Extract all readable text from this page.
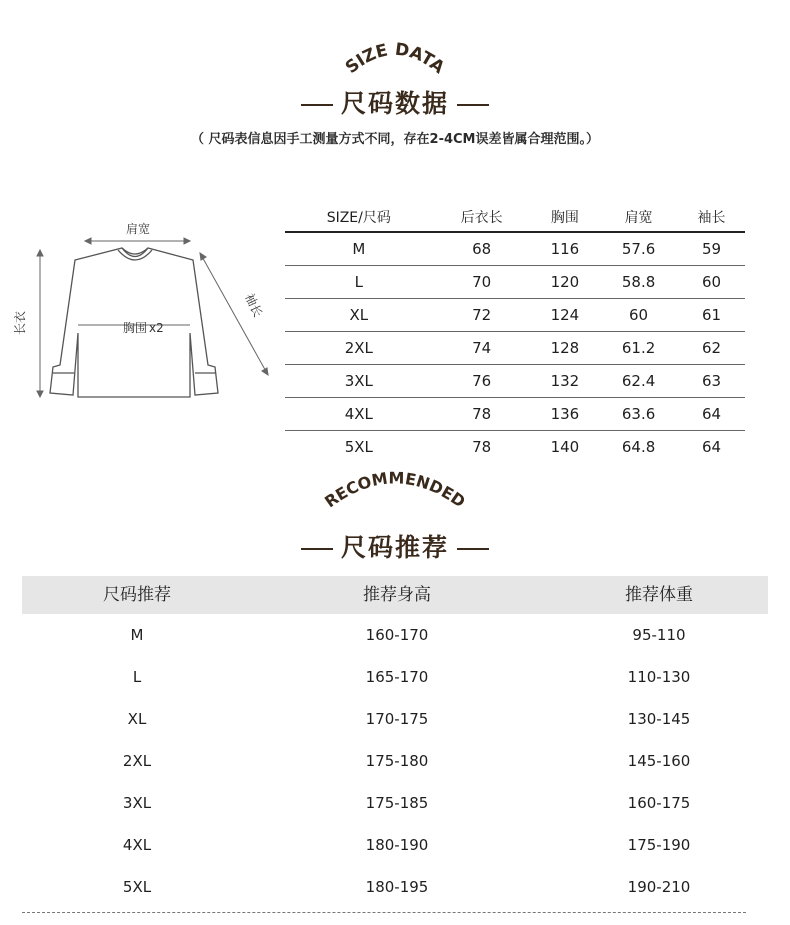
SIZE DATA
RECOMMENDED
尺码数据
（ 尺码表信息因手工测量方式不同，存在2-4CM误差皆属合理范围。）
肩宽
长衣	胸围 x2
袖长
SIZE/尺码	后衣长	胸围	肩宽	袖长
M	68	116	57.6	59
L	70	120	58.8	60
XL	72	124	60	61
2XL	74	128	61.2	62
3XL	76	132	62.4	63
4XL	78	136	63.6	64
5XL	78	140	64.8	64
尺码推荐
尺码推荐	推荐身高	推荐体重
M	160-170	95-110
L	165-170	110-130
XL	170-175	130-145
2XL	175-180	145-160
3XL	175-185	160-175
4XL	180-190	175-190
5XL	180-195	190-210
